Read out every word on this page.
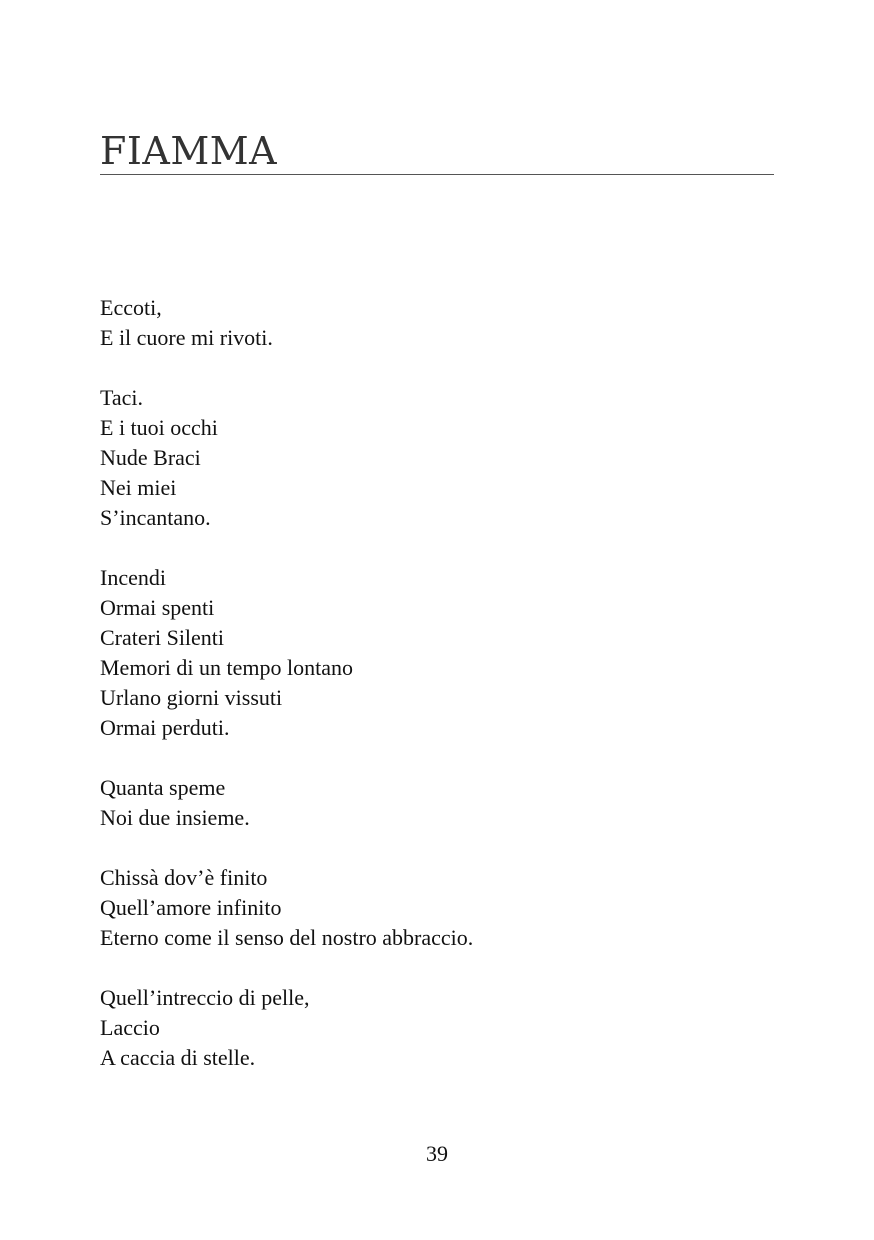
FIAMMA
Eccoti,
E il cuore mi rivoti.
Taci.
E i tuoi occhi
Nude Braci
Nei miei
S’incantano.
Incendi
Ormai spenti
Crateri Silenti
Memori di un tempo lontano
Urlano giorni vissuti
Ormai perduti.
Quanta speme
Noi due insieme.
Chissà dov’è finito
Quell’amore infinito
Eterno come il senso del nostro abbraccio.
Quell’intreccio di pelle,
Laccio
A caccia di stelle.
39
